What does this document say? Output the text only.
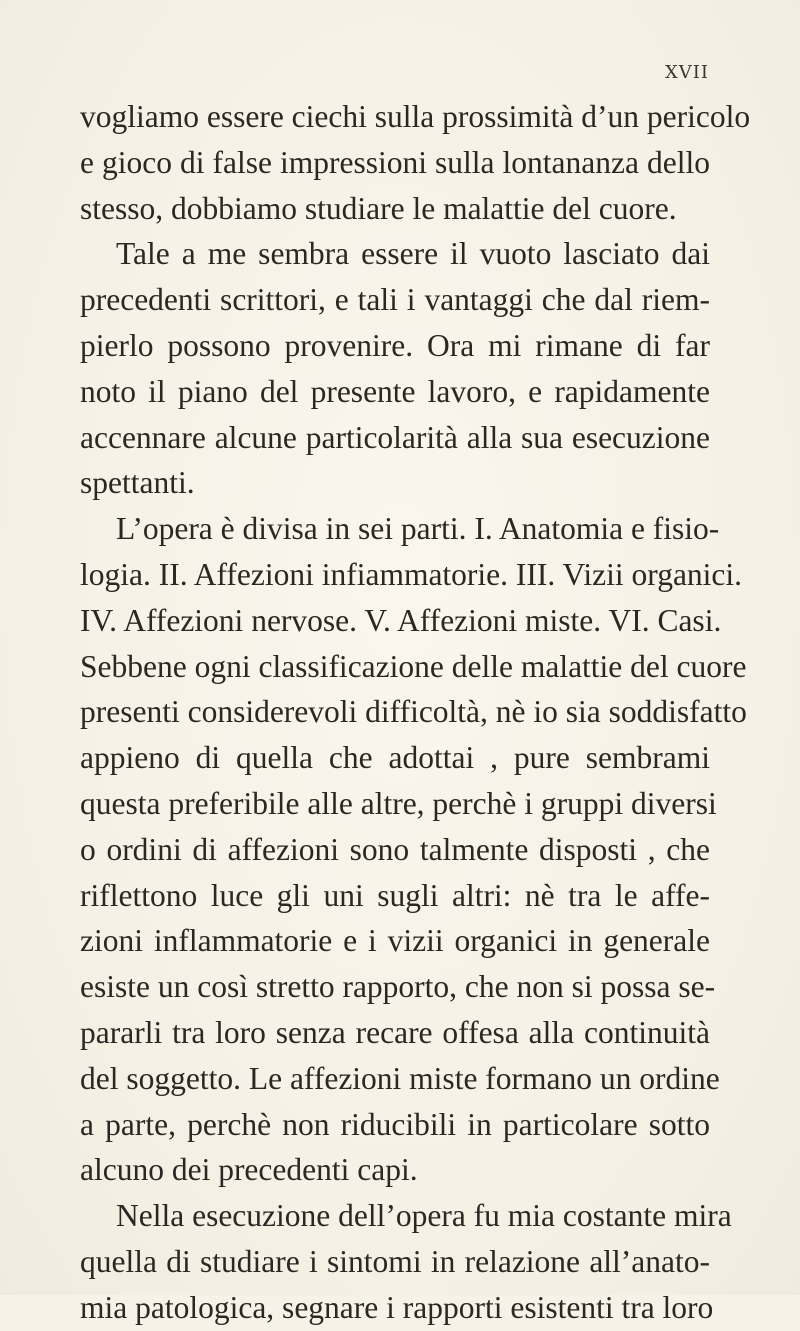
XVII
vogliamo essere ciechi sulla prossimità d’un pericolo
e gioco di false impressioni sulla lontananza dello
stesso, dobbiamo studiare le malattie del cuore.
Tale a me sembra essere il vuoto lasciato dai
precedenti scrittori, e tali i vantaggi che dal riem-
pierlo possono provenire. Ora mi rimane di far
noto il piano del presente lavoro, e rapidamente
accennare alcune particolarità alla sua esecuzione
spettanti.
L’opera è divisa in sei parti. I. Anatomia e fisio-
logia. II. Affezioni infiammatorie. III. Vizii organici.
IV. Affezioni nervose. V. Affezioni miste. VI. Casi.
Sebbene ogni classificazione delle malattie del cuore
presenti considerevoli difficoltà, nè io sia soddisfatto
appieno di quella che adottai , pure sembrami
questa preferibile alle altre, perchè i gruppi diversi
o ordini di affezioni sono talmente disposti , che
riflettono luce gli uni sugli altri: nè tra le affe-
zioni inflammatorie e i vizii organici in generale
esiste un così stretto rapporto, che non si possa se-
pararli tra loro senza recare offesa alla continuità
del soggetto. Le affezioni miste formano un ordine
a parte, perchè non riducibili in particolare sotto
alcuno dei precedenti capi.
Nella esecuzione dell’opera fu mia costante mira
quella di studiare i sintomi in relazione all’anato-
mia patologica, segnare i rapporti esistenti tra loro
